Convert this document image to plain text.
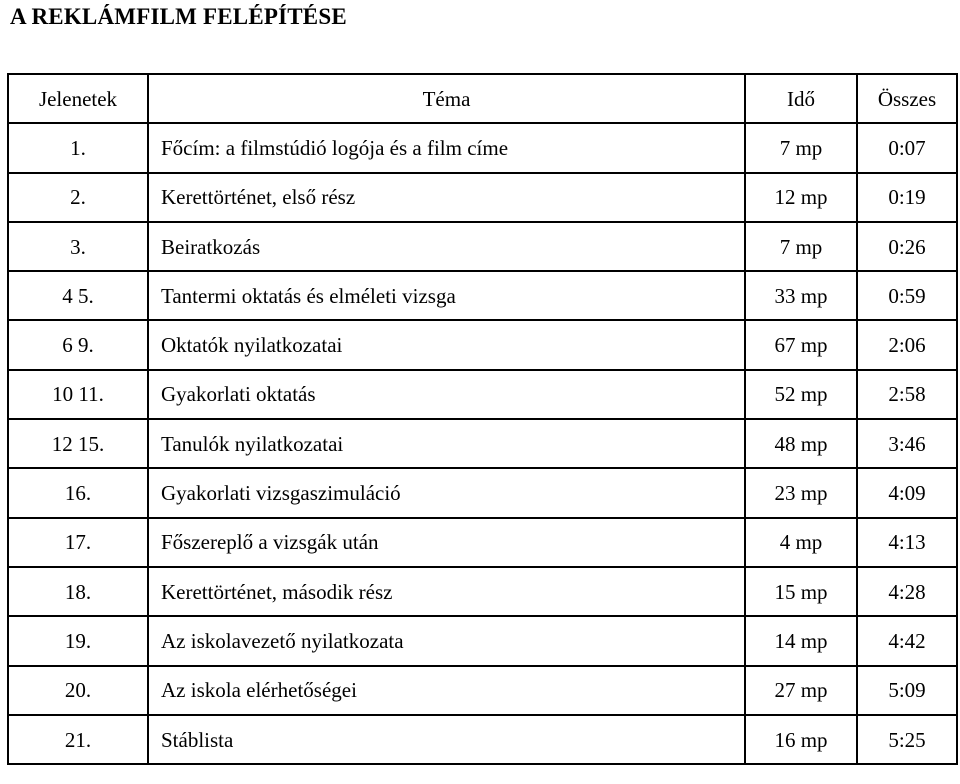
A REKLÁMFILM FELÉPÍTÉSE
Jelenetek	Téma	Idő	Összes
1.	Főcím: a filmstúdió logója és a film címe	7 mp	0:07
2.	Kerettörténet, első rész	12 mp	0:19
3.	Beiratkozás	7 mp	0:26
4 5.	Tantermi oktatás és elméleti vizsga	33 mp	0:59
6 9.	Oktatók nyilatkozatai	67 mp	2:06
10 11.	Gyakorlati oktatás	52 mp	2:58
12 15.	Tanulók nyilatkozatai	48 mp	3:46
16.	Gyakorlati vizsgaszimuláció	23 mp	4:09
17.	Főszereplő a vizsgák után	4 mp	4:13
18.	Kerettörténet, második rész	15 mp	4:28
19.	Az iskolavezető nyilatkozata	14 mp	4:42
20.	Az iskola elérhetőségei	27 mp	5:09
21.	Stáblista	16 mp	5:25
